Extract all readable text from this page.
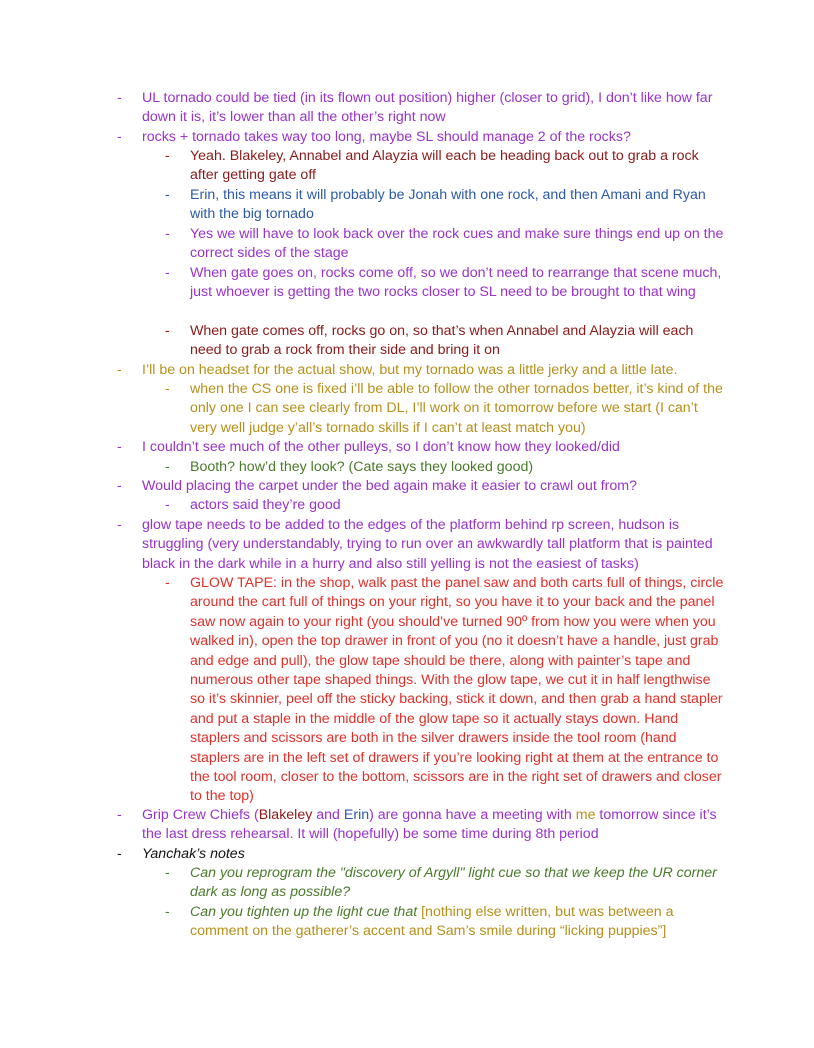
- UL tornado could be tied (in its flown out position) higher (closer to grid), I don’t like how far down it is, it’s lower than all the other’s right now
- rocks + tornado takes way too long, maybe SL should manage 2 of the rocks?
- Yeah. Blakeley, Annabel and Alayzia will each be heading back out to grab a rock after getting gate off
- Erin, this means it will probably be Jonah with one rock, and then Amani and Ryan with the big tornado
- Yes we will have to look back over the rock cues and make sure things end up on the correct sides of the stage
- When gate goes on, rocks come off, so we don’t need to rearrange that scene much, just whoever is getting the two rocks closer to SL need to be brought to that wing
- When gate comes off, rocks go on, so that’s when Annabel and Alayzia will each need to grab a rock from their side and bring it on
- I’ll be on headset for the actual show, but my tornado was a little jerky and a little late.
- when the CS one is fixed i’ll be able to follow the other tornados better, it’s kind of the only one I can see clearly from DL, I’ll work on it tomorrow before we start (I can’t very well judge y’all’s tornado skills if I can’t at least match you)
- I couldn’t see much of the other pulleys, so I don’t know how they looked/did
- Booth? how’d they look? (Cate says they looked good)
- Would placing the carpet under the bed again make it easier to crawl out from?
- actors said they’re good
- glow tape needs to be added to the edges of the platform behind rp screen, hudson is struggling (very understandably, trying to run over an awkwardly tall platform that is painted black in the dark while in a hurry and also still yelling is not the easiest of tasks)
- GLOW TAPE: in the shop, walk past the panel saw and both carts full of things, circle around the cart full of things on your right, so you have it to your back and the panel saw now again to your right (you should’ve turned 90º from how you were when you walked in), open the top drawer in front of you (no it doesn’t have a handle, just grab and edge and pull), the glow tape should be there, along with painter’s tape and numerous other tape shaped things. With the glow tape, we cut it in half lengthwise so it’s skinnier, peel off the sticky backing, stick it down, and then grab a hand stapler and put a staple in the middle of the glow tape so it actually stays down. Hand staplers and scissors are both in the silver drawers inside the tool room (hand staplers are in the left set of drawers if you’re looking right at them at the entrance to the tool room, closer to the bottom, scissors are in the right set of drawers and closer to the top)
- Grip Crew Chiefs (Blakeley and Erin) are gonna have a meeting with me tomorrow since it’s the last dress rehearsal. It will (hopefully) be some time during 8th period
- Yanchak’s notes
- Can you reprogram the "discovery of Argyll" light cue so that we keep the UR corner dark as long as possible?
- Can you tighten up the light cue that [nothing else written, but was between a comment on the gatherer’s accent and Sam’s smile during “licking puppies”]
